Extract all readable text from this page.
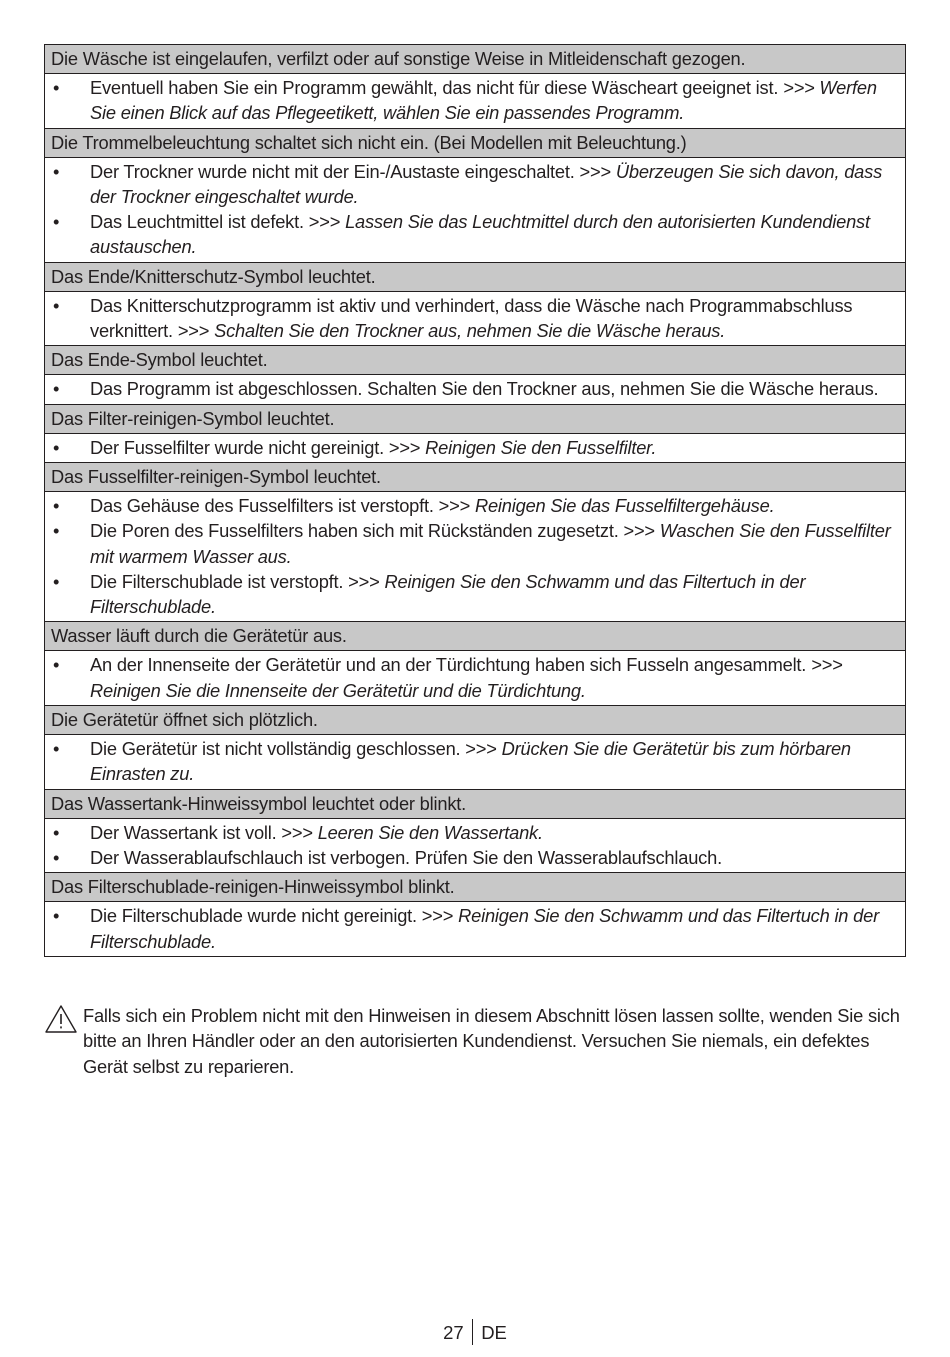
Die Wäsche ist eingelaufen, verfilzt oder auf sonstige Weise in Mitleidenschaft gezogen.
• Eventuell haben Sie ein Programm gewählt, das nicht für diese Wäscheart geeignet ist. >>> Werfen Sie einen Blick auf das Pflegeetikett, wählen Sie ein passendes Programm.
Die Trommelbeleuchtung schaltet sich nicht ein. (Bei Modellen mit Beleuchtung.)
• Der Trockner wurde nicht mit der Ein-/Austaste eingeschaltet. >>> Überzeugen Sie sich davon, dass der Trockner eingeschaltet wurde.
• Das Leuchtmittel ist defekt. >>> Lassen Sie das Leuchtmittel durch den autorisierten Kundendienst austauschen.
Das Ende/Knitterschutz-Symbol leuchtet.
• Das Knitterschutzprogramm ist aktiv und verhindert, dass die Wäsche nach Programmabschluss verknittert. >>> Schalten Sie den Trockner aus, nehmen Sie die Wäsche heraus.
Das Ende-Symbol leuchtet.
• Das Programm ist abgeschlossen. Schalten Sie den Trockner aus, nehmen Sie die Wäsche heraus.
Das Filter-reinigen-Symbol leuchtet.
• Der Fusselfilter wurde nicht gereinigt. >>> Reinigen Sie den Fusselfilter.
Das Fusselfilter-reinigen-Symbol leuchtet.
• Das Gehäuse des Fusselfilters ist verstopft. >>> Reinigen Sie das Fusselfiltergehäuse.
• Die Poren des Fusselfilters haben sich mit Rückständen zugesetzt. >>> Waschen Sie den Fusselfilter mit warmem Wasser aus.
• Die Filterschublade ist verstopft. >>> Reinigen Sie den Schwamm und das Filtertuch in der Filterschublade.
Wasser läuft durch die Gerätetür aus.
• An der Innenseite der Gerätetür und an der Türdichtung haben sich Fusseln angesammelt. >>> Reinigen Sie die Innenseite der Gerätetür und die Türdichtung.
Die Gerätetür öffnet sich plötzlich.
• Die Gerätetür ist nicht vollständig geschlossen. >>> Drücken Sie die Gerätetür bis zum hörbaren Einrasten zu.
Das Wassertank-Hinweissymbol leuchtet oder blinkt.
• Der Wassertank ist voll. >>> Leeren Sie den Wassertank.
• Der Wasserablaufschlauch ist verbogen. Prüfen Sie den Wasserablaufschlauch.
Das Filterschublade-reinigen-Hinweissymbol blinkt.
• Die Filterschublade wurde nicht gereinigt. >>> Reinigen Sie den Schwamm und das Filtertuch in der Filterschublade.
Falls sich ein Problem nicht mit den Hinweisen in diesem Abschnitt lösen lassen sollte, wenden Sie sich bitte an Ihren Händler oder an den autorisierten Kundendienst. Versuchen Sie niemals, ein defektes Gerät selbst zu reparieren.
27 DE
